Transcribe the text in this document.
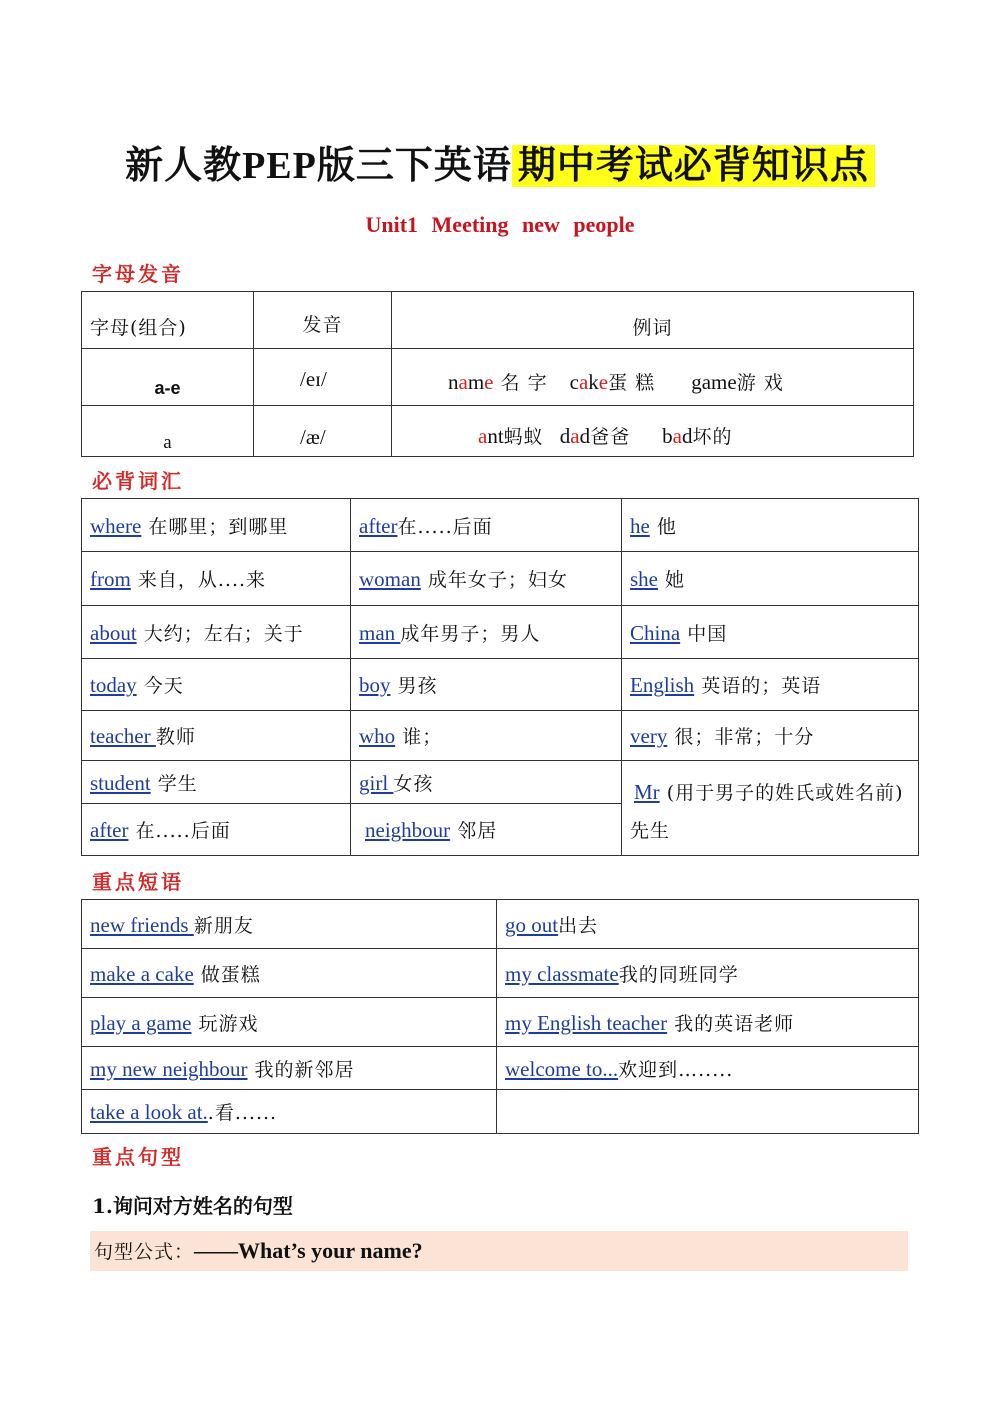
新人教PEP版三下英语 期中考试必背知识点
Unit1 Meeting new people
字母发音
字母(组合)	发音	例词
a-e	/eɪ/	name 名 字 cake蛋 糕 game游 戏
a	/æ/	ant蚂蚁 dad爸爸 bad坏的
必背词汇
where 在哪里；到哪里	after在.....后面	he 他
from 来自，从....来	woman 成年女子；妇女	she 她
about 大约；左右；关于	man 成年男子；男人	China 中国
today 今天	boy 男孩	English 英语的；英语
teacher 教师	who 谁；	very 很；非常；十分
student 学生	girl 女孩	Mr (用于男子的姓氏或姓名前)先生
after 在.....后面	neighbour 邻居	
重点短语
new friends 新朋友	go out出去
make a cake 做蛋糕	my classmate我的同班同学
play a game 玩游戏	my English teacher 我的英语老师
my new neighbour 我的新邻居	welcome to...欢迎到….....
take a look at..看......	
重点句型
1.询问对方姓名的句型
句型公式：——What’s your name?
